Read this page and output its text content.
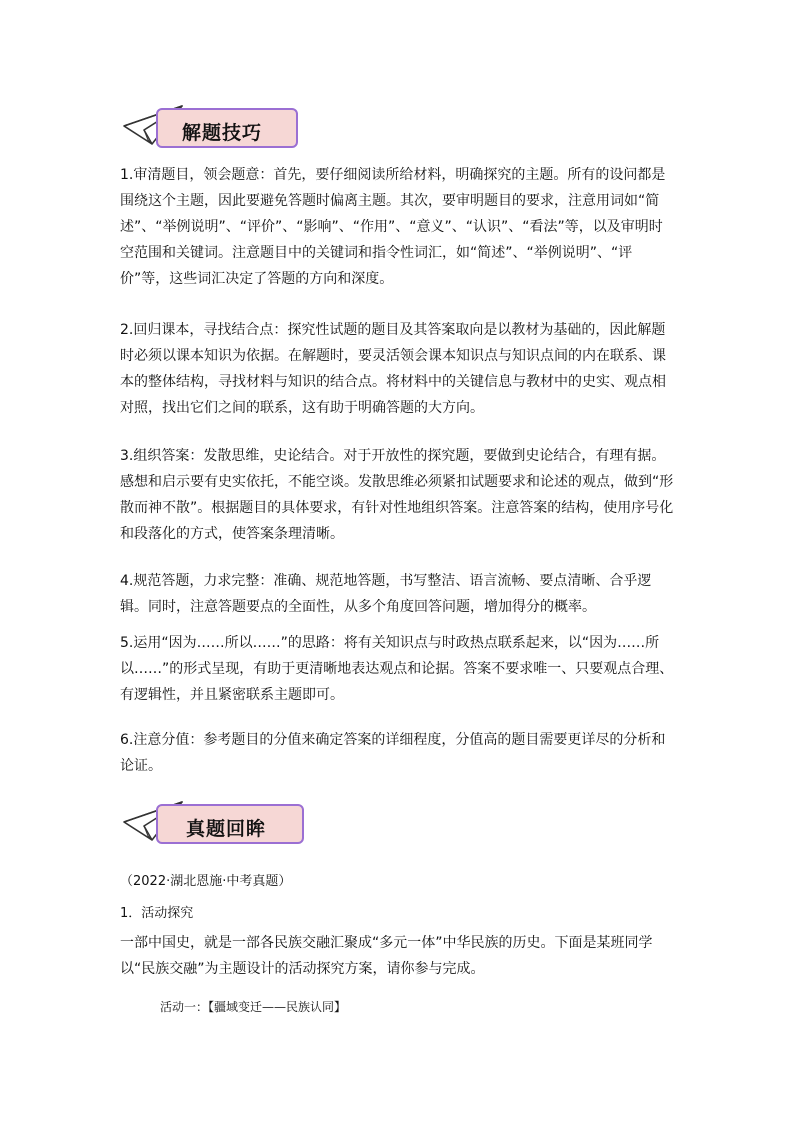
解题技巧

1.审清题目，领会题意：首先，要仔细阅读所给材料，明确探究的主题。所有的设问都是围绕这个主题，因此要避免答题时偏离主题。其次，要审明题目的要求，注意用词如“简述”、“举例说明”、“评价”、“影响”、“作用”、“意义”、“认识”、“看法”等，以及审明时空范围和关键词。注意题目中的关键词和指令性词汇，如“简述”、“举例说明”、“评价”等，这些词汇决定了答题的方向和深度。

2.回归课本，寻找结合点：探究性试题的题目及其答案取向是以教材为基础的，因此解题时必须以课本知识为依据。在解题时，要灵活领会课本知识点与知识点间的内在联系、课本的整体结构，寻找材料与知识的结合点。将材料中的关键信息与教材中的史实、观点相对照，找出它们之间的联系，这有助于明确答题的大方向。

3.组织答案：发散思维，史论结合。对于开放性的探究题，要做到史论结合，有理有据。感想和启示要有史实依托，不能空谈。发散思维必须紧扣试题要求和论述的观点，做到“形散而神不散”。根据题目的具体要求，有针对性地组织答案。注意答案的结构，使用序号化和段落化的方式，使答案条理清晰。

4.规范答题，力求完整：准确、规范地答题，书写整洁、语言流畅、要点清晰、合乎逻辑。同时，注意答题要点的全面性，从多个角度回答问题，增加得分的概率。

5.运用“因为……所以……”的思路：将有关知识点与时政热点联系起来，以“因为……所以……”的形式呈现，有助于更清晰地表达观点和论据。答案不要求唯一、只要观点合理、有逻辑性，并且紧密联系主题即可。

6.注意分值：参考题目的分值来确定答案的详细程度，分值高的题目需要更详尽的分析和论证。

真题回眸

（2022·湖北恩施·中考真题）

1．活动探究

一部中国史，就是一部各民族交融汇聚成“多元一体”中华民族的历史。下面是某班同学以“民族交融”为主题设计的活动探究方案，请你参与完成。

活动一：【疆域变迁——民族认同】
